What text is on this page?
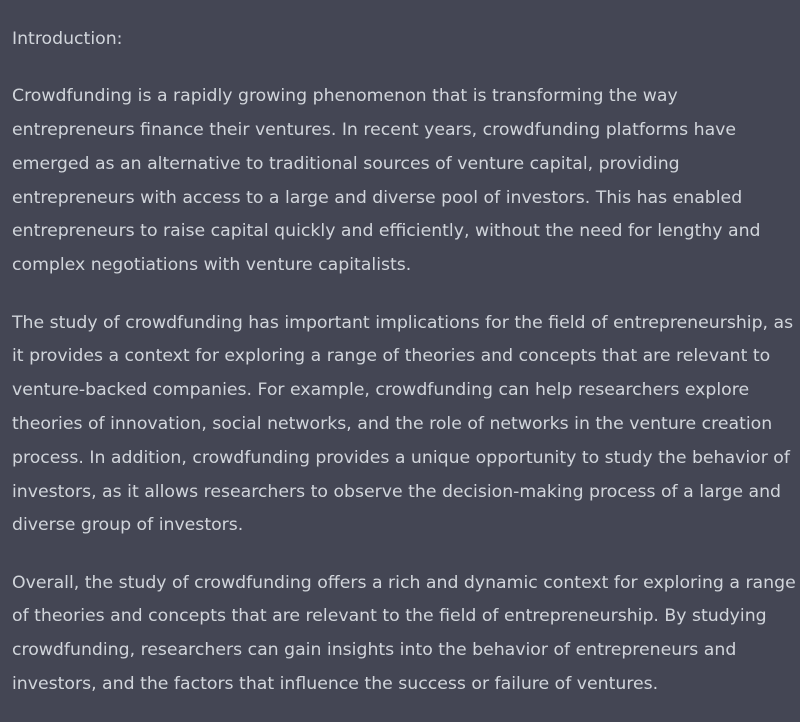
Introduction:

Crowdfunding is a rapidly growing phenomenon that is transforming the way entrepreneurs finance their ventures. In recent years, crowdfunding platforms have emerged as an alternative to traditional sources of venture capital, providing entrepreneurs with access to a large and diverse pool of investors. This has enabled entrepreneurs to raise capital quickly and efficiently, without the need for lengthy and complex negotiations with venture capitalists.

The study of crowdfunding has important implications for the field of entrepreneurship, as it provides a context for exploring a range of theories and concepts that are relevant to venture-backed companies. For example, crowdfunding can help researchers explore theories of innovation, social networks, and the role of networks in the venture creation process. In addition, crowdfunding provides a unique opportunity to study the behavior of investors, as it allows researchers to observe the decision-making process of a large and diverse group of investors.

Overall, the study of crowdfunding offers a rich and dynamic context for exploring a range of theories and concepts that are relevant to the field of entrepreneurship. By studying crowdfunding, researchers can gain insights into the behavior of entrepreneurs and investors, and the factors that influence the success or failure of ventures.
